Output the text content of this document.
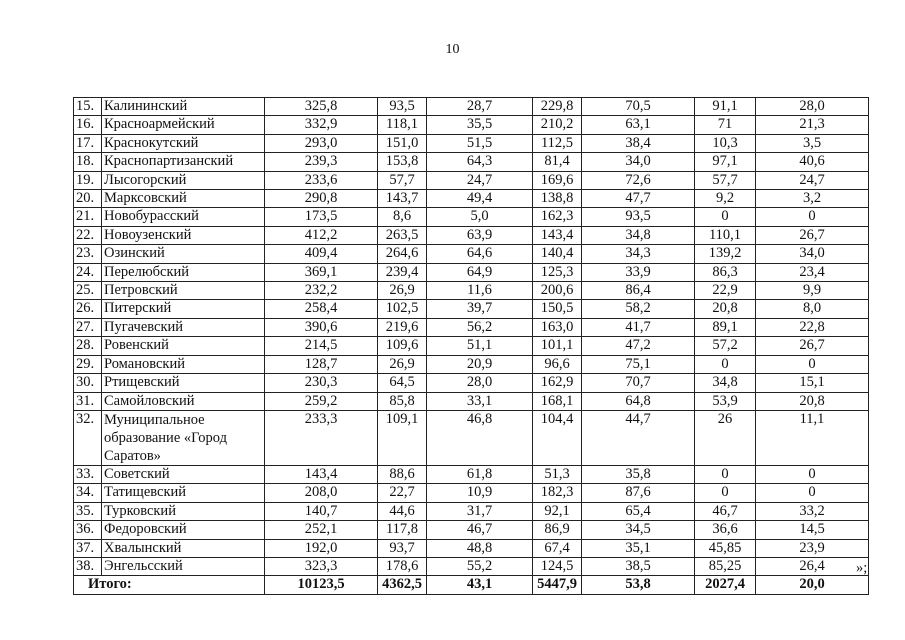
10
15.	Калининский	325,8	93,5	28,7	229,8	70,5	91,1	28,0
16.	Красноармейский	332,9	118,1	35,5	210,2	63,1	71	21,3
17.	Краснокутский	293,0	151,0	51,5	112,5	38,4	10,3	3,5
18.	Краснопартизанский	239,3	153,8	64,3	81,4	34,0	97,1	40,6
19.	Лысогорский	233,6	57,7	24,7	169,6	72,6	57,7	24,7
20.	Марксовский	290,8	143,7	49,4	138,8	47,7	9,2	3,2
21.	Новобурасский	173,5	8,6	5,0	162,3	93,5	0	0
22.	Новоузенский	412,2	263,5	63,9	143,4	34,8	110,1	26,7
23.	Озинский	409,4	264,6	64,6	140,4	34,3	139,2	34,0
24.	Перелюбский	369,1	239,4	64,9	125,3	33,9	86,3	23,4
25.	Петровский	232,2	26,9	11,6	200,6	86,4	22,9	9,9
26.	Питерский	258,4	102,5	39,7	150,5	58,2	20,8	8,0
27.	Пугачевский	390,6	219,6	56,2	163,0	41,7	89,1	22,8
28.	Ровенский	214,5	109,6	51,1	101,1	47,2	57,2	26,7
29.	Романовский	128,7	26,9	20,9	96,6	75,1	0	0
30.	Ртищевский	230,3	64,5	28,0	162,9	70,7	34,8	15,1
31.	Самойловский	259,2	85,8	33,1	168,1	64,8	53,9	20,8
32.	Муниципальное образование «Город Саратов»	233,3	109,1	46,8	104,4	44,7	26	11,1
33.	Советский	143,4	88,6	61,8	51,3	35,8	0	0
34.	Татищевский	208,0	22,7	10,9	182,3	87,6	0	0
35.	Турковский	140,7	44,6	31,7	92,1	65,4	46,7	33,2
36.	Федоровский	252,1	117,8	46,7	86,9	34,5	36,6	14,5
37.	Хвалынский	192,0	93,7	48,8	67,4	35,1	45,85	23,9
38.	Энгельсский	323,3	178,6	55,2	124,5	38,5	85,25	26,4
Итого:		10123,5	4362,5	43,1	5447,9	53,8	2027,4	20,0
»;
